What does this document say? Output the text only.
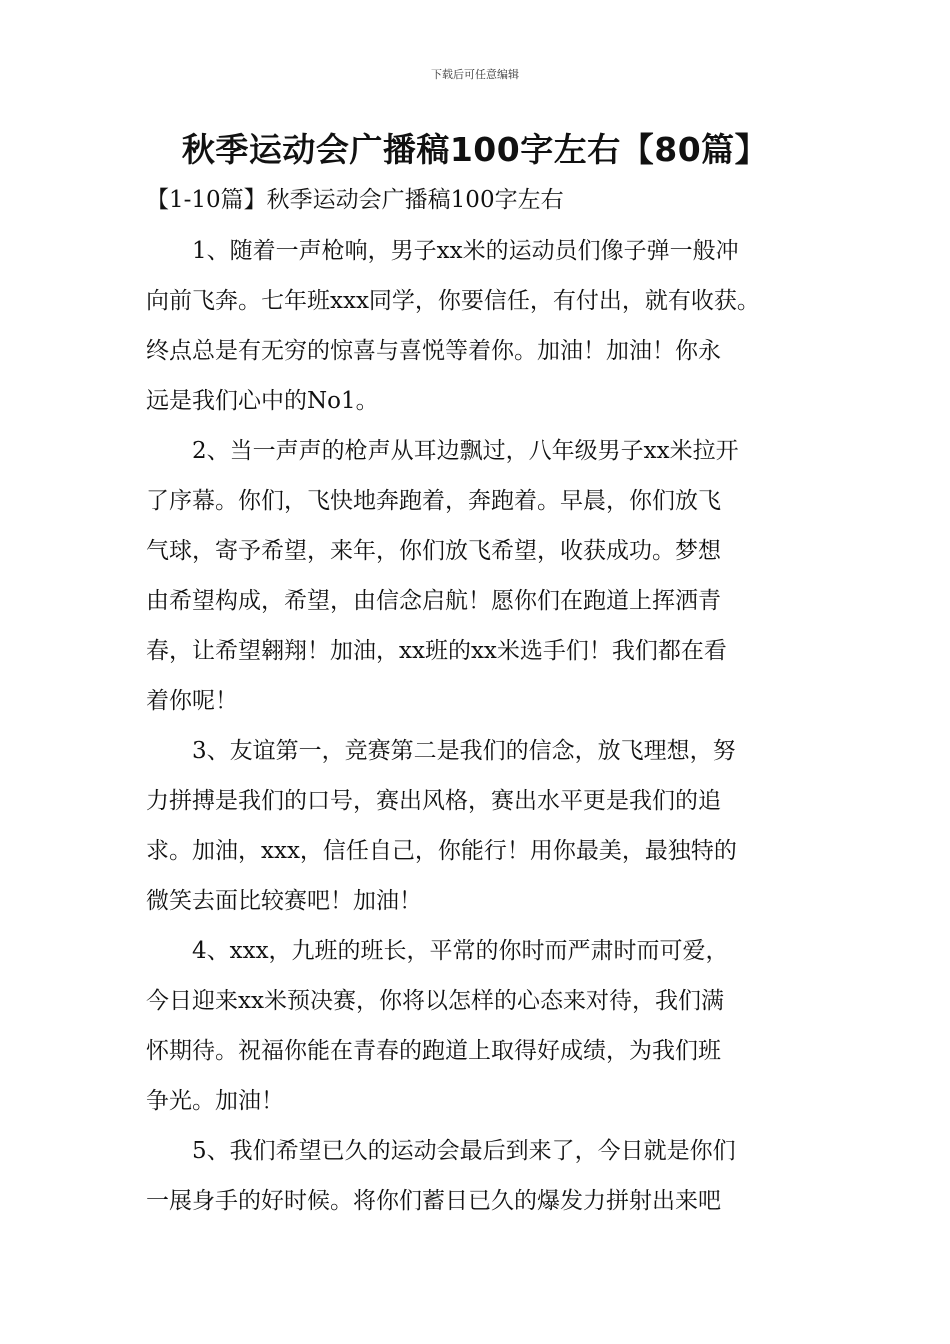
下载后可任意编辑
秋季运动会广播稿100字左右【80篇】
【1-10篇】秋季运动会广播稿100字左右
1、随着一声枪响，男子xx米的运动员们像子弹一般冲
向前飞奔。七年班xxx同学，你要信任，有付出，就有收获。
终点总是有无穷的惊喜与喜悦等着你。加油！加油！你永
远是我们心中的No1。
2、当一声声的枪声从耳边飘过，八年级男子xx米拉开
了序幕。你们，飞快地奔跑着，奔跑着。早晨，你们放飞
气球，寄予希望，来年，你们放飞希望，收获成功。梦想
由希望构成，希望，由信念启航！愿你们在跑道上挥洒青
春，让希望翱翔！加油，xx班的xx米选手们！我们都在看
着你呢！
3、友谊第一，竞赛第二是我们的信念，放飞理想，努
力拼搏是我们的口号，赛出风格，赛出水平更是我们的追
求。加油，xxx，信任自己，你能行！用你最美，最独特的
微笑去面比较赛吧！加油！
4、xxx，九班的班长，平常的你时而严肃时而可爱，
今日迎来xx米预决赛，你将以怎样的心态来对待，我们满
怀期待。祝福你能在青春的跑道上取得好成绩，为我们班
争光。加油！
5、我们希望已久的运动会最后到来了，今日就是你们
一展身手的好时候。将你们蓄日已久的爆发力拼射出来吧
